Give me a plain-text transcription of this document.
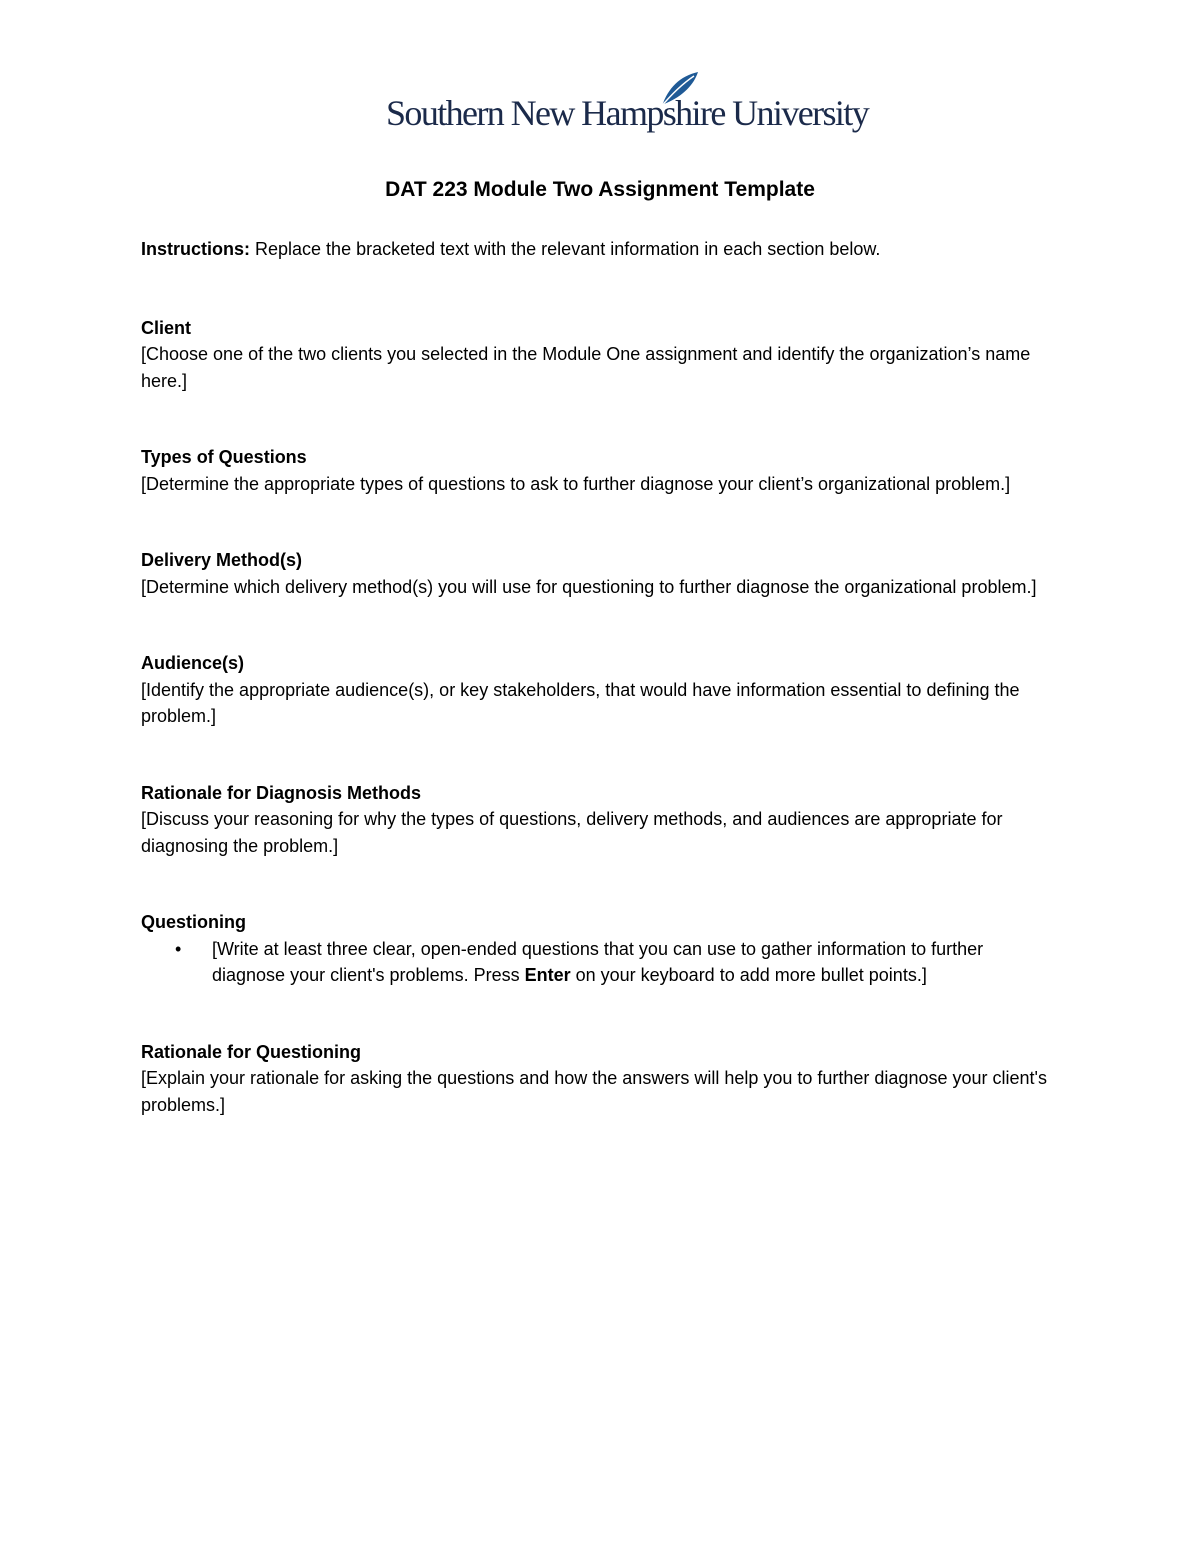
Southern New Hampshire University
DAT 223 Module Two Assignment Template

Instructions: Replace the bracketed text with the relevant information in each section below.

Client

[Choose one of the two clients you selected in the Module One assignment and identify the organization’s name here.]

Types of Questions

[Determine the appropriate types of questions to ask to further diagnose your client’s organizational problem.]

Delivery Method(s)

[Determine which delivery method(s) you will use for questioning to further diagnose the organizational problem.]

Audience(s)

[Identify the appropriate audience(s), or key stakeholders, that would have information essential to defining the problem.]

Rationale for Diagnosis Methods

[Discuss your reasoning for why the types of questions, delivery methods, and audiences are appropriate for diagnosing the problem.]

Questioning
• [Write at least three clear, open-ended questions that you can use to gather information to further diagnose your client's problems. Press Enter on your keyboard to add more bullet points.]
Rationale for Questioning

[Explain your rationale for asking the questions and how the answers will help you to further diagnose your client's problems.]
